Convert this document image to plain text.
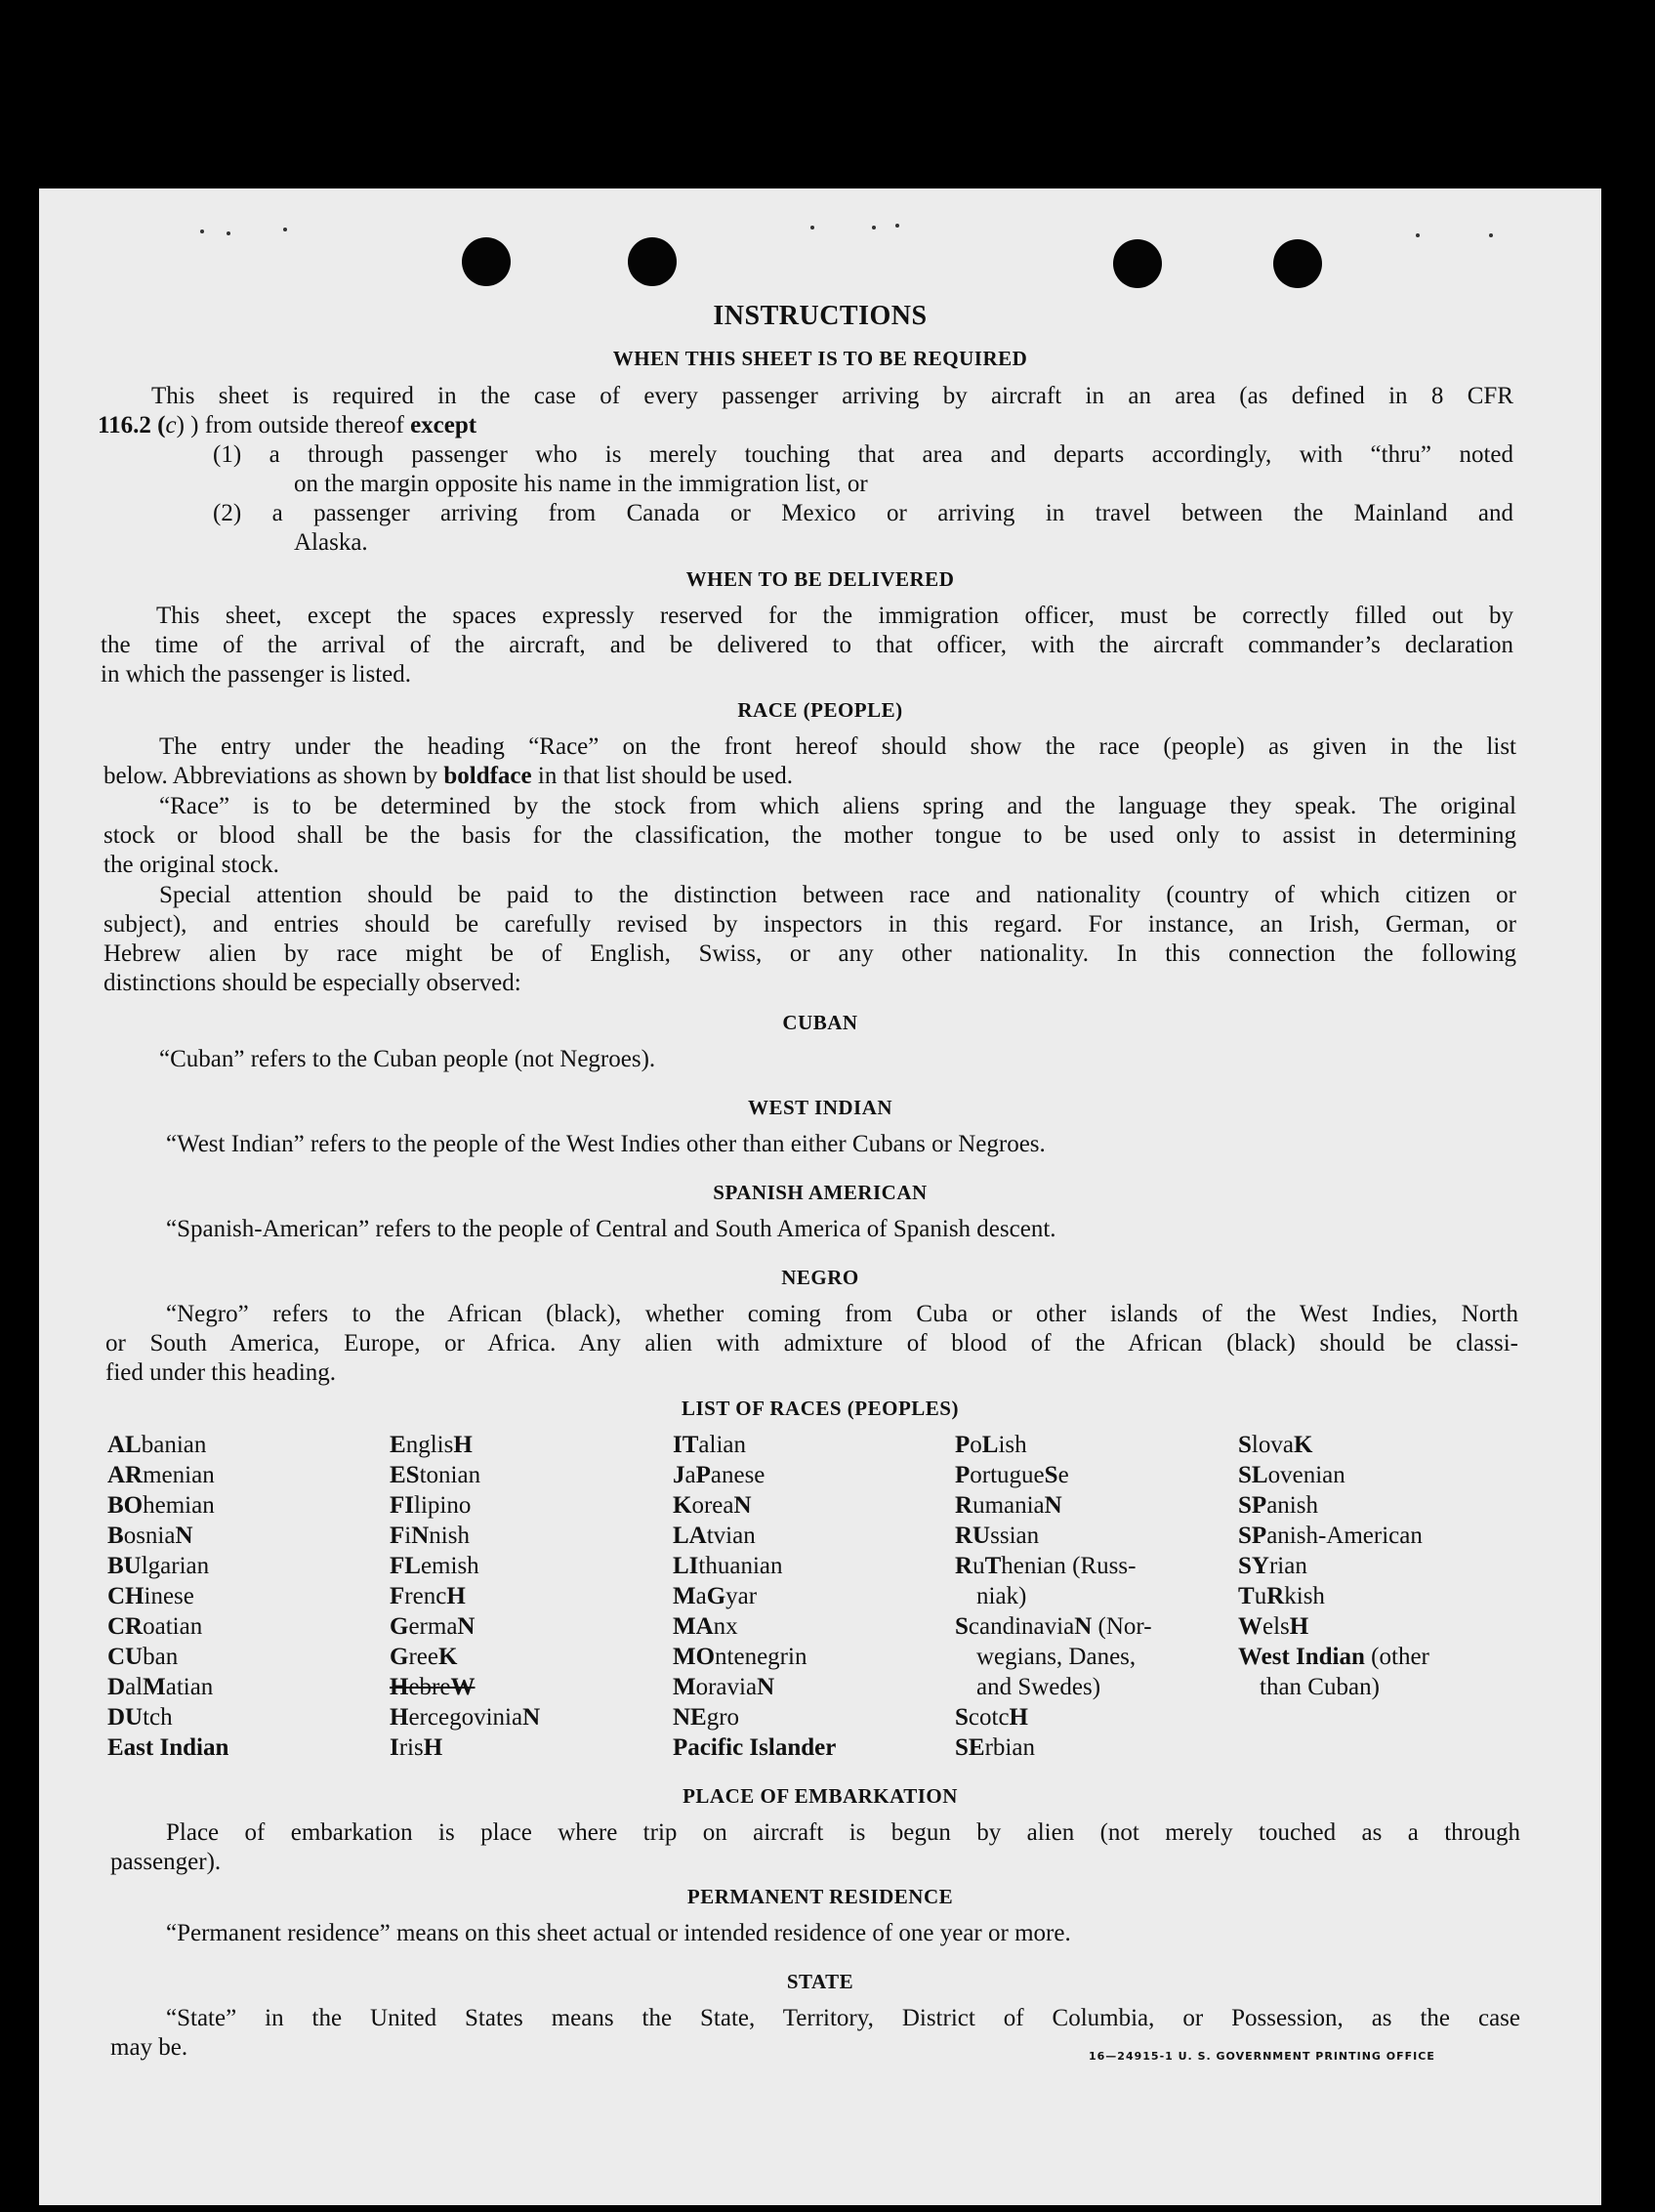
INSTRUCTIONS
WHEN THIS SHEET IS TO BE REQUIRED
This sheet is required in the case of every passenger arriving by aircraft in an area (as defined in 8 CFR
116.2 (c) ) from outside thereof except
(1) a through passenger who is merely touching that area and departs accordingly, with “thru” noted
on the margin opposite his name in the immigration list, or
(2) a passenger arriving from Canada or Mexico or arriving in travel between the Mainland and
Alaska.
WHEN TO BE DELIVERED
This sheet, except the spaces expressly reserved for the immigration officer, must be correctly filled out by
the time of the arrival of the aircraft, and be delivered to that officer, with the aircraft commander’s declaration
in which the passenger is listed.
RACE (PEOPLE)
The entry under the heading “Race” on the front hereof should show the race (people) as given in the list
below. Abbreviations as shown by boldface in that list should be used.
“Race” is to be determined by the stock from which aliens spring and the language they speak. The original
stock or blood shall be the basis for the classification, the mother tongue to be used only to assist in determining
the original stock.
Special attention should be paid to the distinction between race and nationality (country of which citizen or
subject), and entries should be carefully revised by inspectors in this regard. For instance, an Irish, German, or
Hebrew alien by race might be of English, Swiss, or any other nationality. In this connection the following
distinctions should be especially observed:
CUBAN
“Cuban” refers to the Cuban people (not Negroes).
WEST INDIAN
“West Indian” refers to the people of the West Indies other than either Cubans or Negroes.
SPANISH AMERICAN
“Spanish-American” refers to the people of Central and South America of Spanish descent.
NEGRO
“Negro” refers to the African (black), whether coming from Cuba or other islands of the West Indies, North
or South America, Europe, or Africa. Any alien with admixture of blood of the African (black) should be classi-
fied under this heading.
LIST OF RACES (PEOPLES)
ALbanian
ARmenian
BOhemian
BosniaN
BUlgarian
CHinese
CRoatian
CUban
DalMatian
DUtch
East Indian
EnglisH
EStonian
FIlipino
FiNnish
FLemish
FrencH
GermaN
GreeK
HebreW
HercegoviniaN
IrisH
ITalian
JaPanese
KoreaN
LAtvian
LIthuanian
MaGyar
MAnx
MOntenegrin
MoraviaN
NEgro
Pacific Islander
PoLish
PortugueSe
RumaniaN
RUssian
RuThenian (Russ-
niak)
ScandinaviaN (Nor-
wegians, Danes,
and Swedes)
ScotcH
SErbian
SlovaK
SLovenian
SPanish
SPanish-American
SYrian
TuRkish
WelsH
West Indian (other
than Cuban)
PLACE OF EMBARKATION
Place of embarkation is place where trip on aircraft is begun by alien (not merely touched as a through
passenger).
PERMANENT RESIDENCE
“Permanent residence” means on this sheet actual or intended residence of one year or more.
STATE
“State” in the United States means the State, Territory, District of Columbia, or Possession, as the case
may be.	16—24915-1 U. S. GOVERNMENT PRINTING OFFICE
